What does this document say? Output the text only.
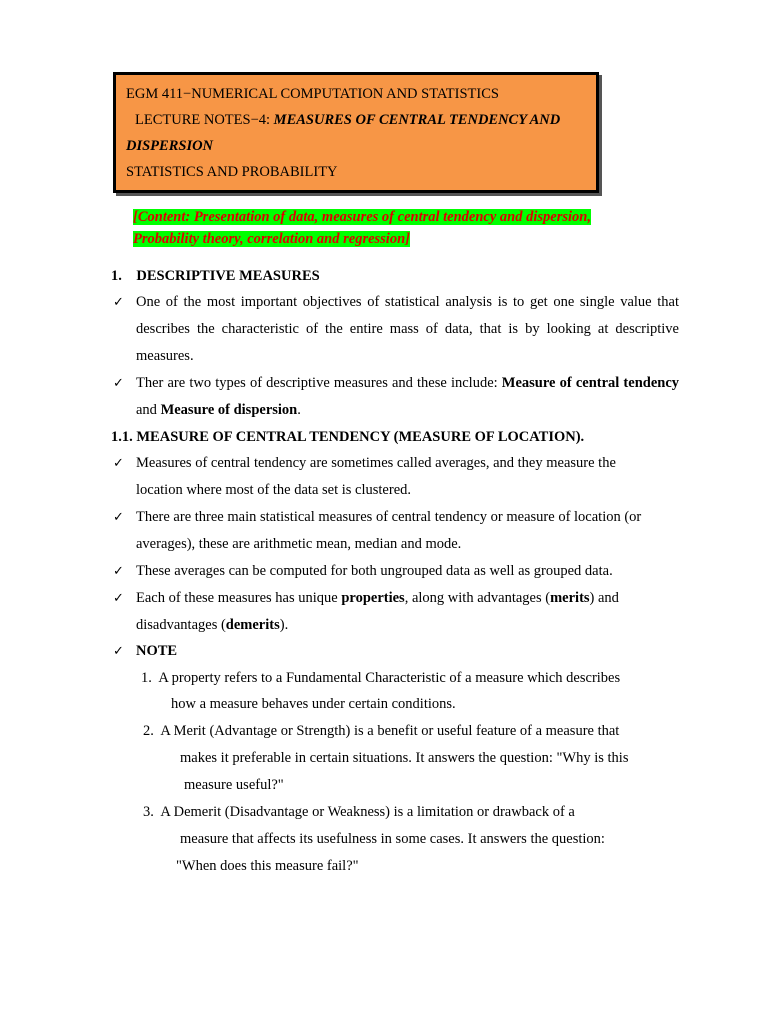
EGM 411−NUMERICAL COMPUTATION AND STATISTICS
LECTURE NOTES−4: MEASURES OF CENTRAL TENDENCY AND
DISPERSION
STATISTICS AND PROBABILITY
[Content: Presentation of data, measures of central tendency and dispersion,
Probability theory, correlation and regression]
1.    DESCRIPTIVE MEASURES
✓ One of the most important objectives of statistical analysis is to get one single value that describes the characteristic of the entire mass of data, that is by looking at descriptive measures.
✓ Ther are two types of descriptive measures and these include: Measure of central tendency and Measure of dispersion.
1.1. MEASURE OF CENTRAL TENDENCY (MEASURE OF LOCATION).
✓ Measures of central tendency are sometimes called averages, and they measure the location where most of the data set is clustered.
✓ There are three main statistical measures of central tendency or measure of location (or averages), these are arithmetic mean, median and mode.
✓ These averages can be computed for both ungrouped data as well as grouped data.
✓ Each of these measures has unique properties, along with advantages (merits) and disadvantages (demerits).
✓ NOTE
1.  A property refers to a Fundamental Characteristic of a measure which describes
how a measure behaves under certain conditions.
2.  A Merit (Advantage or Strength) is a benefit or useful feature of a measure that
makes it preferable in certain situations. It answers the question: "Why is this
measure useful?"
3.  A Demerit (Disadvantage or Weakness) is a limitation or drawback of a
measure that affects its usefulness in some cases. It answers the question:
"When does this measure fail?"
